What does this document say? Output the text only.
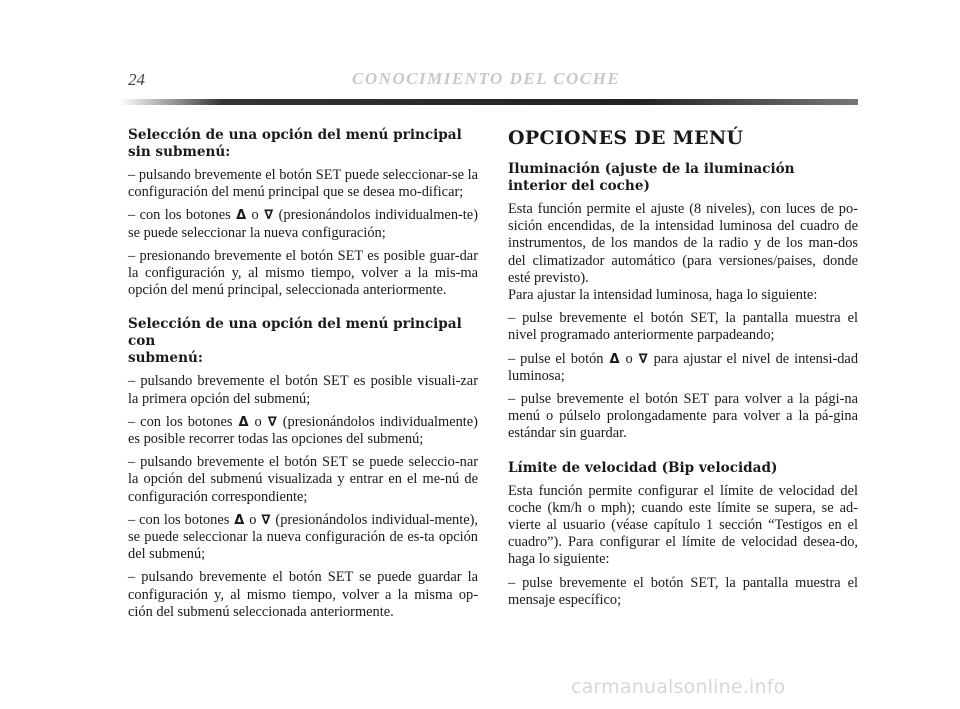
24	CONOCIMIENTO DEL COCHE
Selección de una opción del menú principal
sin submenú:

– pulsando brevemente el botón SET puede seleccionar-se la configuración del menú principal que se desea mo-dificar;

– con los botones Δ o ∇ (presionándolos individualmen-te) se puede seleccionar la nueva configuración;

– presionando brevemente el botón SET es posible guar-dar la configuración y, al mismo tiempo, volver a la mis-ma opción del menú principal, seleccionada anteriormente.

Selección de una opción del menú principal con
submenú:

– pulsando brevemente el botón SET es posible visuali-zar la primera opción del submenú;

– con los botones Δ o ∇ (presionándolos individualmente) es posible recorrer todas las opciones del submenú;

– pulsando brevemente el botón SET se puede seleccio-nar la opción del submenú visualizada y entrar en el me-nú de configuración correspondiente;

– con los botones Δ o ∇ (presionándolos individual-mente), se puede seleccionar la nueva configuración de es-ta opción del submenú;

– pulsando brevemente el botón SET se puede guardar la configuración y, al mismo tiempo, volver a la misma op-ción del submenú seleccionada anteriormente.

OPCIONES DE MENÚ
Iluminación (ajuste de la iluminación
interior del coche)

Esta función permite el ajuste (8 niveles), con luces de po-sición encendidas, de la intensidad luminosa del cuadro de instrumentos, de los mandos de la radio y de los man-dos del climatizador automático (para versiones/paises, donde esté previsto).

Para ajustar la intensidad luminosa, haga lo siguiente:

– pulse brevemente el botón SET, la pantalla muestra el nivel programado anteriormente parpadeando;

– pulse el botón Δ o ∇ para ajustar el nivel de intensi-dad luminosa;

– pulse brevemente el botón SET para volver a la pági-na menú o púlselo prolongadamente para volver a la pá-gina estándar sin guardar.

Límite de velocidad (Bip velocidad)

Esta función permite configurar el límite de velocidad del coche (km/h o mph); cuando este límite se supera, se ad-vierte al usuario (véase capítulo 1 sección “Testigos en el cuadro”). Para configurar el límite de velocidad desea-do, haga lo siguiente:

– pulse brevemente el botón SET, la pantalla muestra el mensaje específico;

carmanualsonline.info
